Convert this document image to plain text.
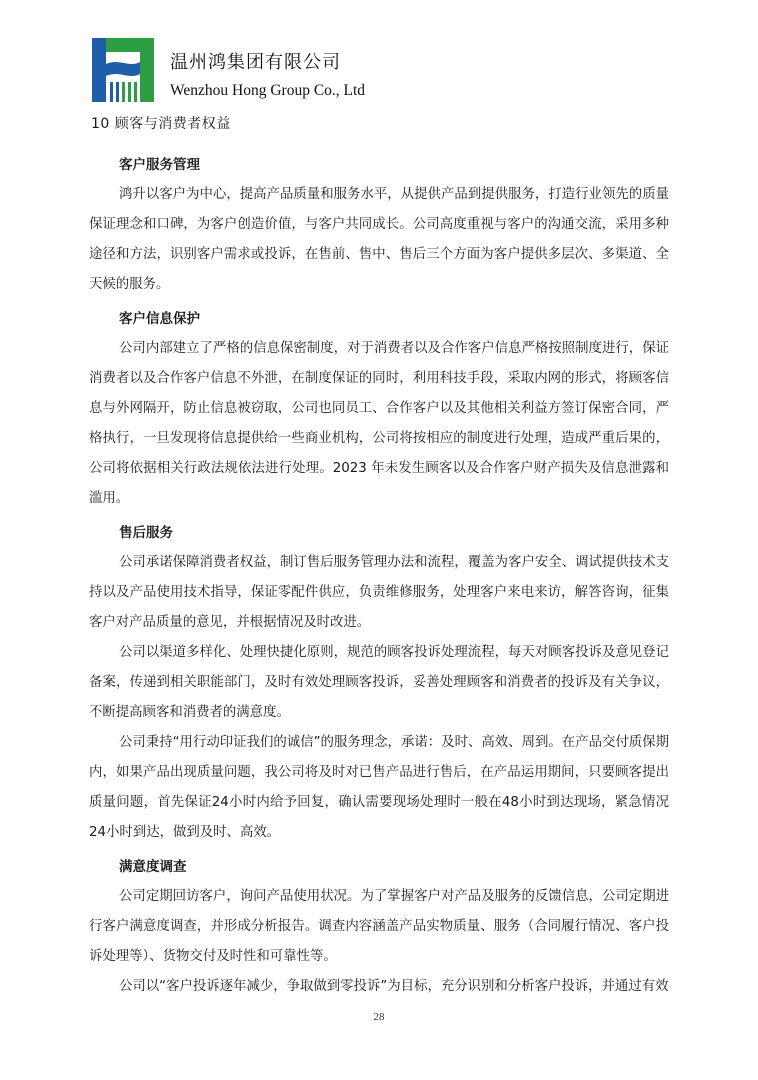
温州鸿集团有限公司
Wenzhou Hong Group Co., Ltd
10 顾客与消费者权益
客户服务管理

鸿升以客户为中心，提高产品质量和服务水平，从提供产品到提供服务，打造行业领先的质量保证理念和口碑，为客户创造价值，与客户共同成长。公司高度重视与客户的沟通交流，采用多种途径和方法，识别客户需求或投诉，在售前、售中、售后三个方面为客户提供多层次、多渠道、全天候的服务。

客户信息保护

公司内部建立了严格的信息保密制度，对于消费者以及合作客户信息严格按照制度进行，保证消费者以及合作客户信息不外泄，在制度保证的同时，利用科技手段，采取内网的形式，将顾客信息与外网隔开，防止信息被窃取，公司也同员工、合作客户以及其他相关利益方签订保密合同，严格执行，一旦发现将信息提供给一些商业机构，公司将按相应的制度进行处理，造成严重后果的，公司将依据相关行政法规依法进行处理。2023 年未发生顾客以及合作客户财产损失及信息泄露和滥用。

售后服务

公司承诺保障消费者权益，制订售后服务管理办法和流程，覆盖为客户安全、调试提供技术支持以及产品使用技术指导，保证零配件供应，负责维修服务，处理客户来电来访，解答咨询，征集客户对产品质量的意见，并根据情况及时改进。

公司以渠道多样化、处理快捷化原则，规范的顾客投诉处理流程，每天对顾客投诉及意见登记备案，传递到相关职能部门，及时有效处理顾客投诉，妥善处理顾客和消费者的投诉及有关争议， 不断提高顾客和消费者的满意度。

公司秉持“用行动印证我们的诚信”的服务理念，承诺：及时、高效、周到。在产品交付质保期内，如果产品出现质量问题，我公司将及时对已售产品进行售后，在产品运用期间，只要顾客提出质量问题，首先保证24小时内给予回复，确认需要现场处理时一般在48小时到达现场，紧急情况24小时到达，做到及时、高效。

满意度调查

公司定期回访客户，询问产品使用状况。为了掌握客户对产品及服务的反馈信息，公司定期进行客户满意度调查，并形成分析报告。调查内容涵盖产品实物质量、服务（合同履行情况、客户投诉处理等）、货物交付及时性和可靠性等。

公司以“客户投诉逐年减少，争取做到零投诉”为目标，充分识别和分析客户投诉，并通过有效

28
